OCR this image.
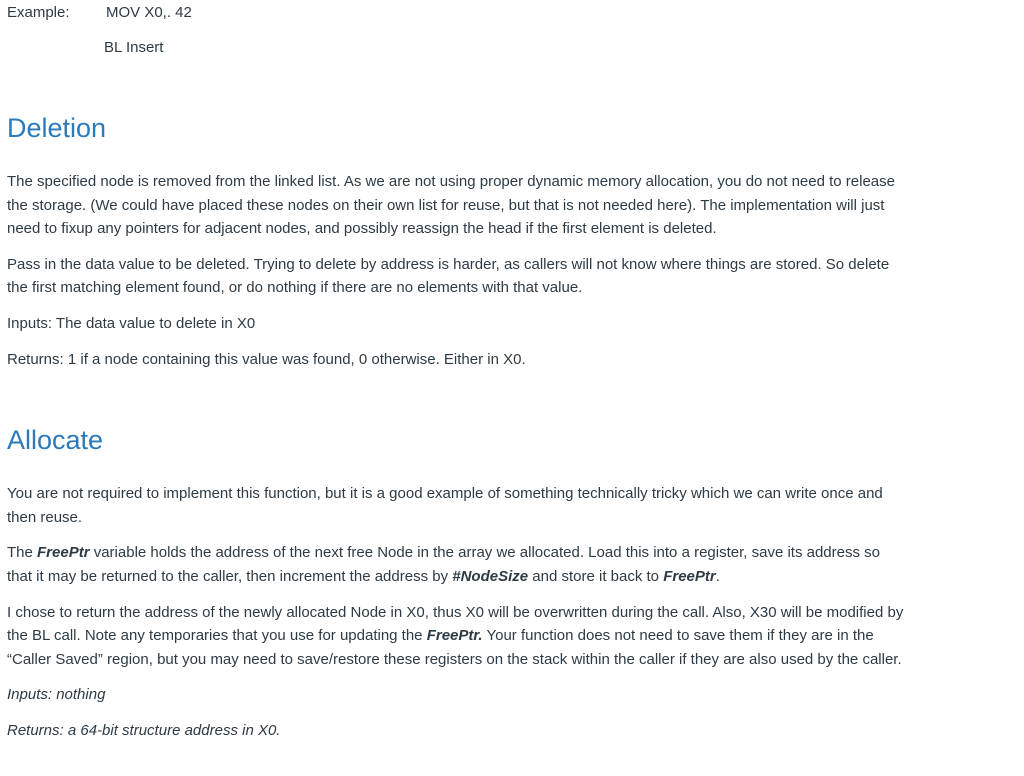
Example: MOV X0,. 42
BL Insert
Deletion

The specified node is removed from the linked list. As we are not using proper dynamic memory allocation, you do not need to release the storage. (We could have placed these nodes on their own list for reuse, but that is not needed here). The implementation will just need to fixup any pointers for adjacent nodes, and possibly reassign the head if the first element is deleted.

Pass in the data value to be deleted. Trying to delete by address is harder, as callers will not know where things are stored. So delete the first matching element found, or do nothing if there are no elements with that value.

Inputs: The data value to delete in X0

Returns: 1 if a node containing this value was found, 0 otherwise. Either in X0.

Allocate

You are not required to implement this function, but it is a good example of something technically tricky which we can write once and then reuse.

The FreePtr variable holds the address of the next free Node in the array we allocated. Load this into a register, save its address so that it may be returned to the caller, then increment the address by #NodeSize and store it back to FreePtr.

I chose to return the address of the newly allocated Node in X0, thus X0 will be overwritten during the call. Also, X30 will be modified by the BL call. Note any temporaries that you use for updating the FreePtr. Your function does not need to save them if they are in the “Caller Saved” region, but you may need to save/restore these registers on the stack within the caller if they are also used by the caller.

Inputs: nothing

Returns: a 64-bit structure address in X0.
